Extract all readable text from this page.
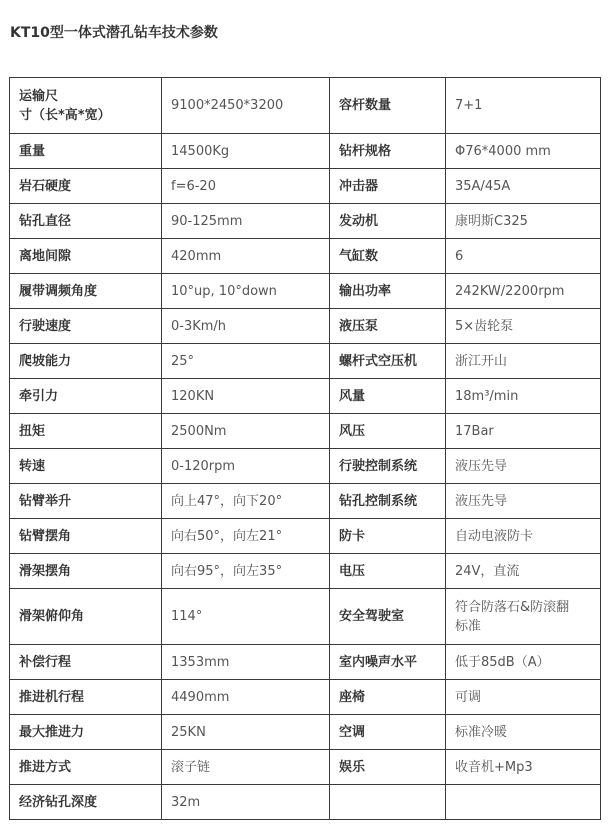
KT10型一体式潜孔钻车技术参数
运输尺
寸（长*高*宽）	9100*2450*3200	容杆数量	7+1
重量	14500Kg	钻杆规格	Φ76*4000 mm
岩石硬度	f=6-20	冲击器	35A/45A
钻孔直径	90-125mm	发动机	康明斯C325
离地间隙	420mm	气缸数	6
履带调频角度	10°up, 10°down	输出功率	242KW/2200rpm
行驶速度	0-3Km/h	液压泵	5×齿轮泵
爬坡能力	25°	螺杆式空压机	浙江开山
牵引力	120KN	风量	18m³/min
扭矩	2500Nm	风压	17Bar
转速	0-120rpm	行驶控制系统	液压先导
钻臂举升	向上47°，向下20°	钻孔控制系统	液压先导
钻臂摆角	向右50°，向左21°	防卡	自动电液防卡
滑架摆角	向右95°，向左35°	电压	24V，直流
滑架俯仰角	114°	安全驾驶室	符合防落石&防滚翻
标准
补偿行程	1353mm	室内噪声水平	低于85dB（A）
推进机行程	4490mm	座椅	可调
最大推进力	25KN	空调	标准冷暖
推进方式	滚子链	娱乐	收音机+Mp3
经济钻孔深度	32m		
